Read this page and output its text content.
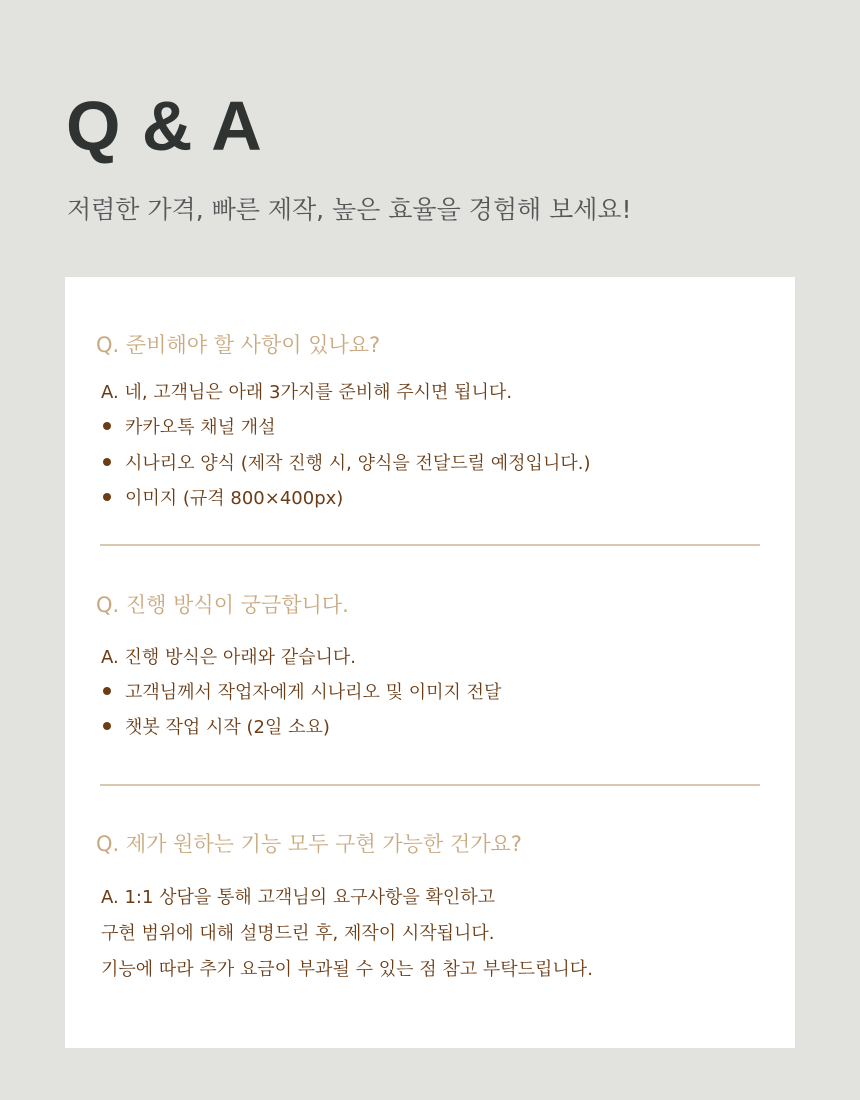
Q & A
저렴한 가격, 빠른 제작, 높은 효율을 경험해 보세요!
Q. 준비해야 할 사항이 있나요?
A. 네, 고객님은 아래 3가지를 준비해 주시면 됩니다.
카카오톡 채널 개설
시나리오 양식 (제작 진행 시, 양식을 전달드릴 예정입니다.)
이미지 (규격 800×400px)
Q. 진행 방식이 궁금합니다.
A. 진행 방식은 아래와 같습니다.
고객님께서 작업자에게 시나리오 및 이미지 전달
챗봇 작업 시작 (2일 소요)
Q. 제가 원하는 기능 모두 구현 가능한 건가요?
A. 1:1 상담을 통해 고객님의 요구사항을 확인하고
구현 범위에 대해 설명드린 후, 제작이 시작됩니다.
기능에 따라 추가 요금이 부과될 수 있는 점 참고 부탁드립니다.
